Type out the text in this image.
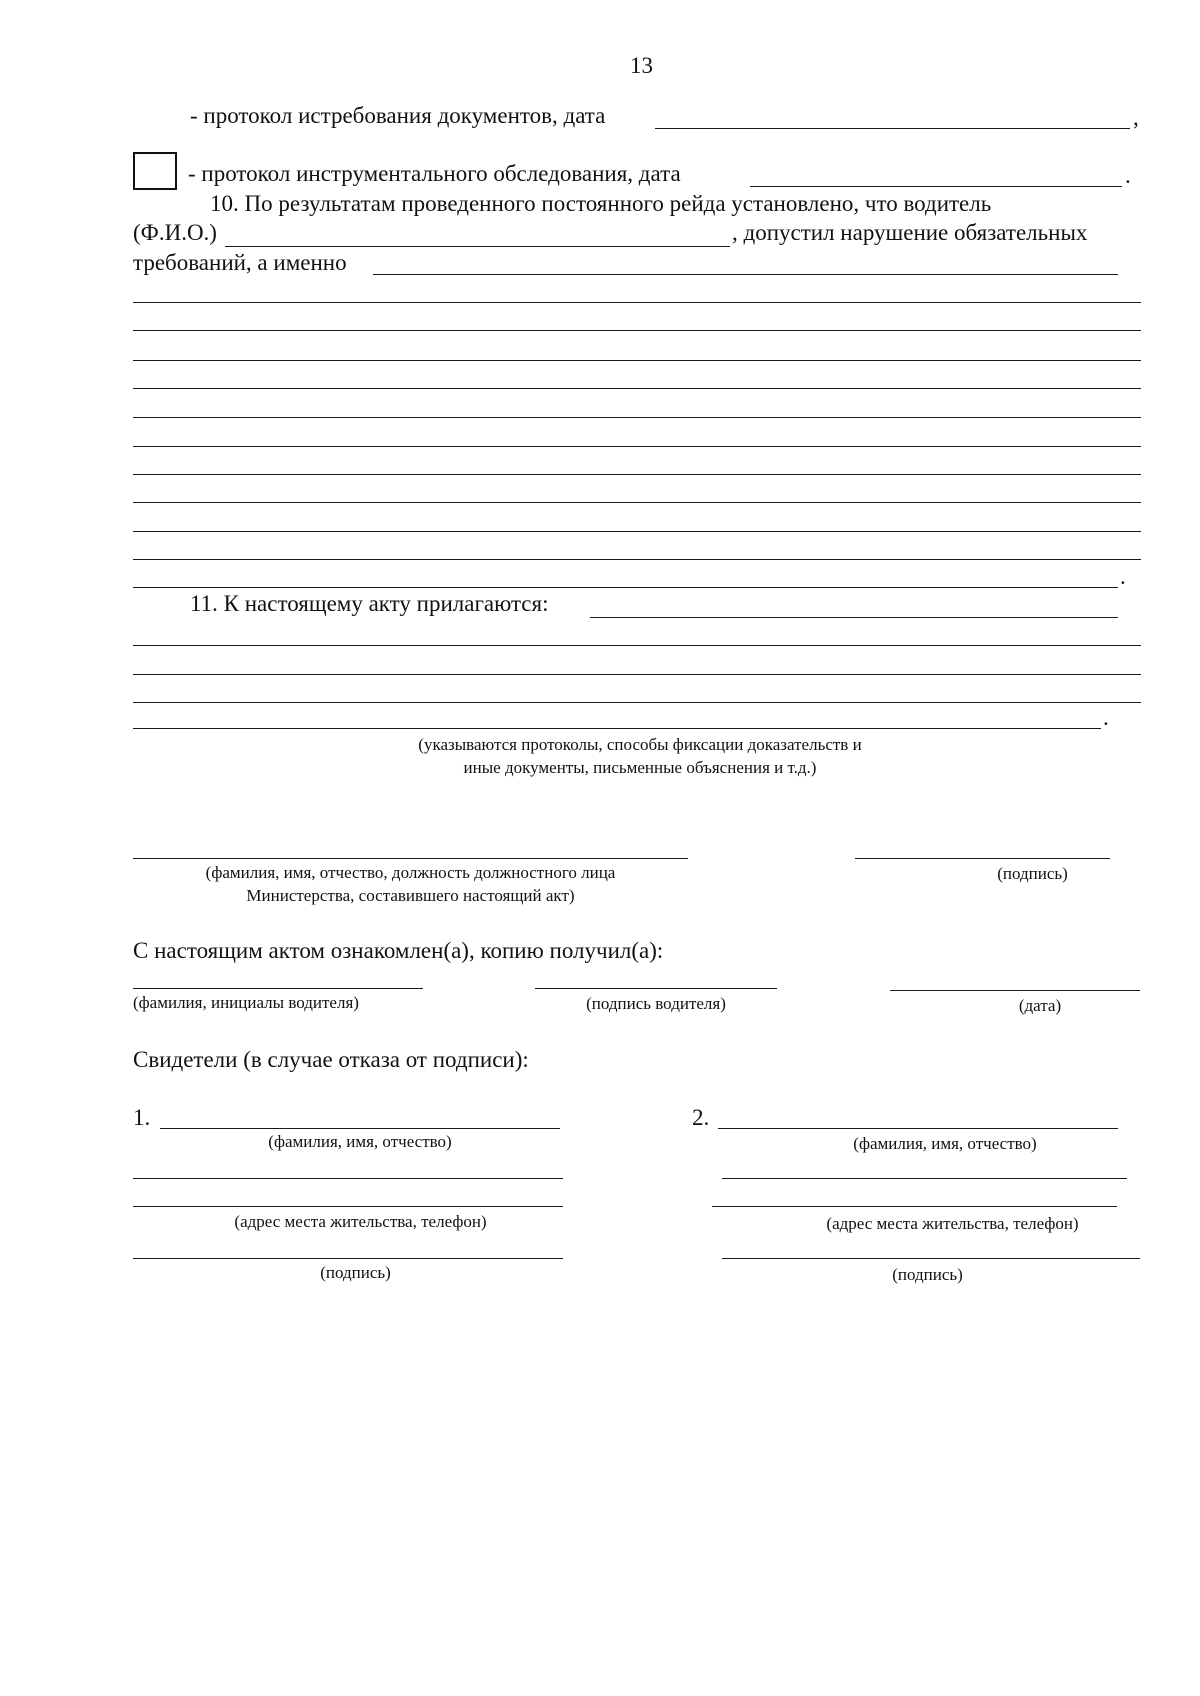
13
- протокол истребования документов, дата	,
- протокол инструментального обследования, дата	.
10. По результатам проведенного постоянного рейда установлено, что водитель
(Ф.И.О.)	, допустил нарушение обязательных
требований, а именно
.
11. К настоящему акту прилагаются:
.
(указываются протоколы, способы фиксации доказательств и
иные документы, письменные объяснения и т.д.)
(фамилия, имя, отчество, должность должностного лица
Министерства, составившего настоящий акт)
(подпись)
С настоящим актом ознакомлен(а), копию получил(а):
(фамилия, инициалы водителя)	(подпись водителя)	(дата)
Свидетели (в случае отказа от подписи):
1.
(фамилия, имя, отчество)
(адрес места жительства, телефон)
(подпись)
2.
(фамилия, имя, отчество)
(адрес места жительства, телефон)
(подпись)
